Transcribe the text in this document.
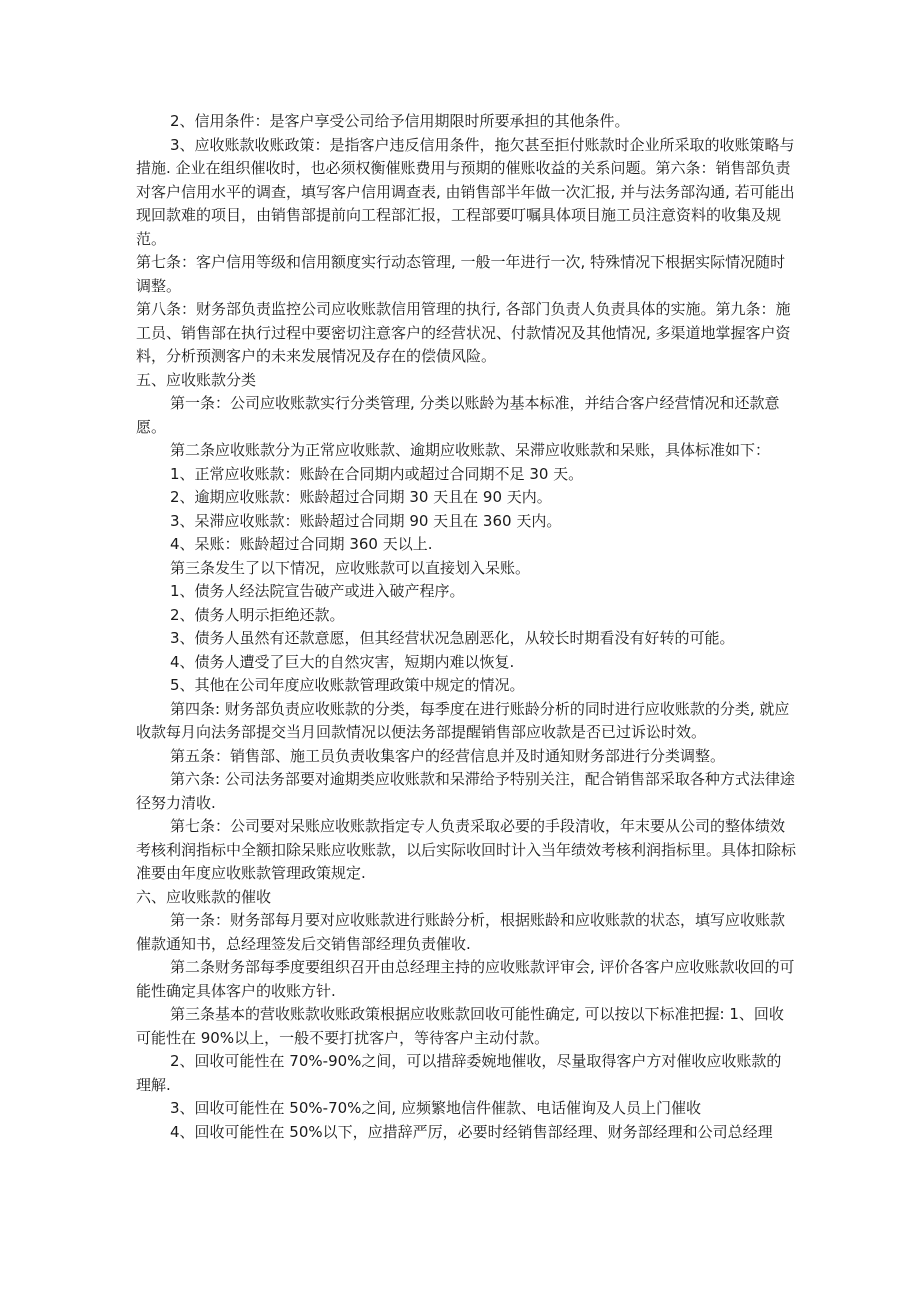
2、信用条件：是客户享受公司给予信用期限时所要承担的其他条件。

3、应收账款收账政策：是指客户违反信用条件，拖欠甚至拒付账款时企业所采取的收账策略与措施. 企业在组织催收时，也必须权衡催账费用与预期的催账收益的关系问题。第六条：销售部负责对客户信用水平的调查，填写客户信用调查表, 由销售部半年做一次汇报, 并与法务部沟通, 若可能出现回款难的项目，由销售部提前向工程部汇报，工程部要叮嘱具体项目施工员注意资料的收集及规范。

第七条：客户信用等级和信用额度实行动态管理, 一般一年进行一次, 特殊情况下根据实际情况随时调整。

第八条：财务部负责监控公司应收账款信用管理的执行, 各部门负责人负责具体的实施。第九条：施工员、销售部在执行过程中要密切注意客户的经营状况、付款情况及其他情况, 多渠道地掌握客户资料，分析预测客户的未来发展情况及存在的偿债风险。

五、应收账款分类

第一条：公司应收账款实行分类管理, 分类以账龄为基本标准，并结合客户经营情况和还款意愿。

第二条应收账款分为正常应收账款、逾期应收账款、呆滞应收账款和呆账，具体标准如下：

1、正常应收账款：账龄在合同期内或超过合同期不足 30 天。

2、逾期应收账款：账龄超过合同期 30 天且在 90 天内。

3、呆滞应收账款：账龄超过合同期 90 天且在 360 天内。

4、呆账：账龄超过合同期 360 天以上.

第三条发生了以下情况，应收账款可以直接划入呆账。

1、债务人经法院宣告破产或进入破产程序。

2、债务人明示拒绝还款。

3、债务人虽然有还款意愿，但其经营状况急剧恶化，从较长时期看没有好转的可能。

4、债务人遭受了巨大的自然灾害，短期内难以恢复.

5、其他在公司年度应收账款管理政策中规定的情况。

第四条: 财务部负责应收账款的分类，每季度在进行账龄分析的同时进行应收账款的分类, 就应收款每月向法务部提交当月回款情况以便法务部提醒销售部应收款是否已过诉讼时效。

第五条：销售部、施工员负责收集客户的经营信息并及时通知财务部进行分类调整。

第六条: 公司法务部要对逾期类应收账款和呆滞给予特别关注，配合销售部采取各种方式法律途径努力清收.

第七条：公司要对呆账应收账款指定专人负责采取必要的手段清收，年末要从公司的整体绩效考核利润指标中全额扣除呆账应收账款，以后实际收回时计入当年绩效考核利润指标里。具体扣除标准要由年度应收账款管理政策规定.

六、应收账款的催收

第一条：财务部每月要对应收账款进行账龄分析，根据账龄和应收账款的状态，填写应收账款催款通知书，总经理签发后交销售部经理负责催收.

第二条财务部每季度要组织召开由总经理主持的应收账款评审会, 评价各客户应收账款收回的可能性确定具体客户的收账方针.

第三条基本的营收账款收账政策根据应收账款回收可能性确定, 可以按以下标准把握: 1、回收可能性在 90%以上，一般不要打扰客户，等待客户主动付款。

2、回收可能性在 70%-90%之间，可以措辞委婉地催收，尽量取得客户方对催收应收账款的理解.

3、回收可能性在 50%-70%之间, 应频繁地信件催款、电话催询及人员上门催收

4、回收可能性在 50%以下，应措辞严厉，必要时经销售部经理、财务部经理和公司总经理
